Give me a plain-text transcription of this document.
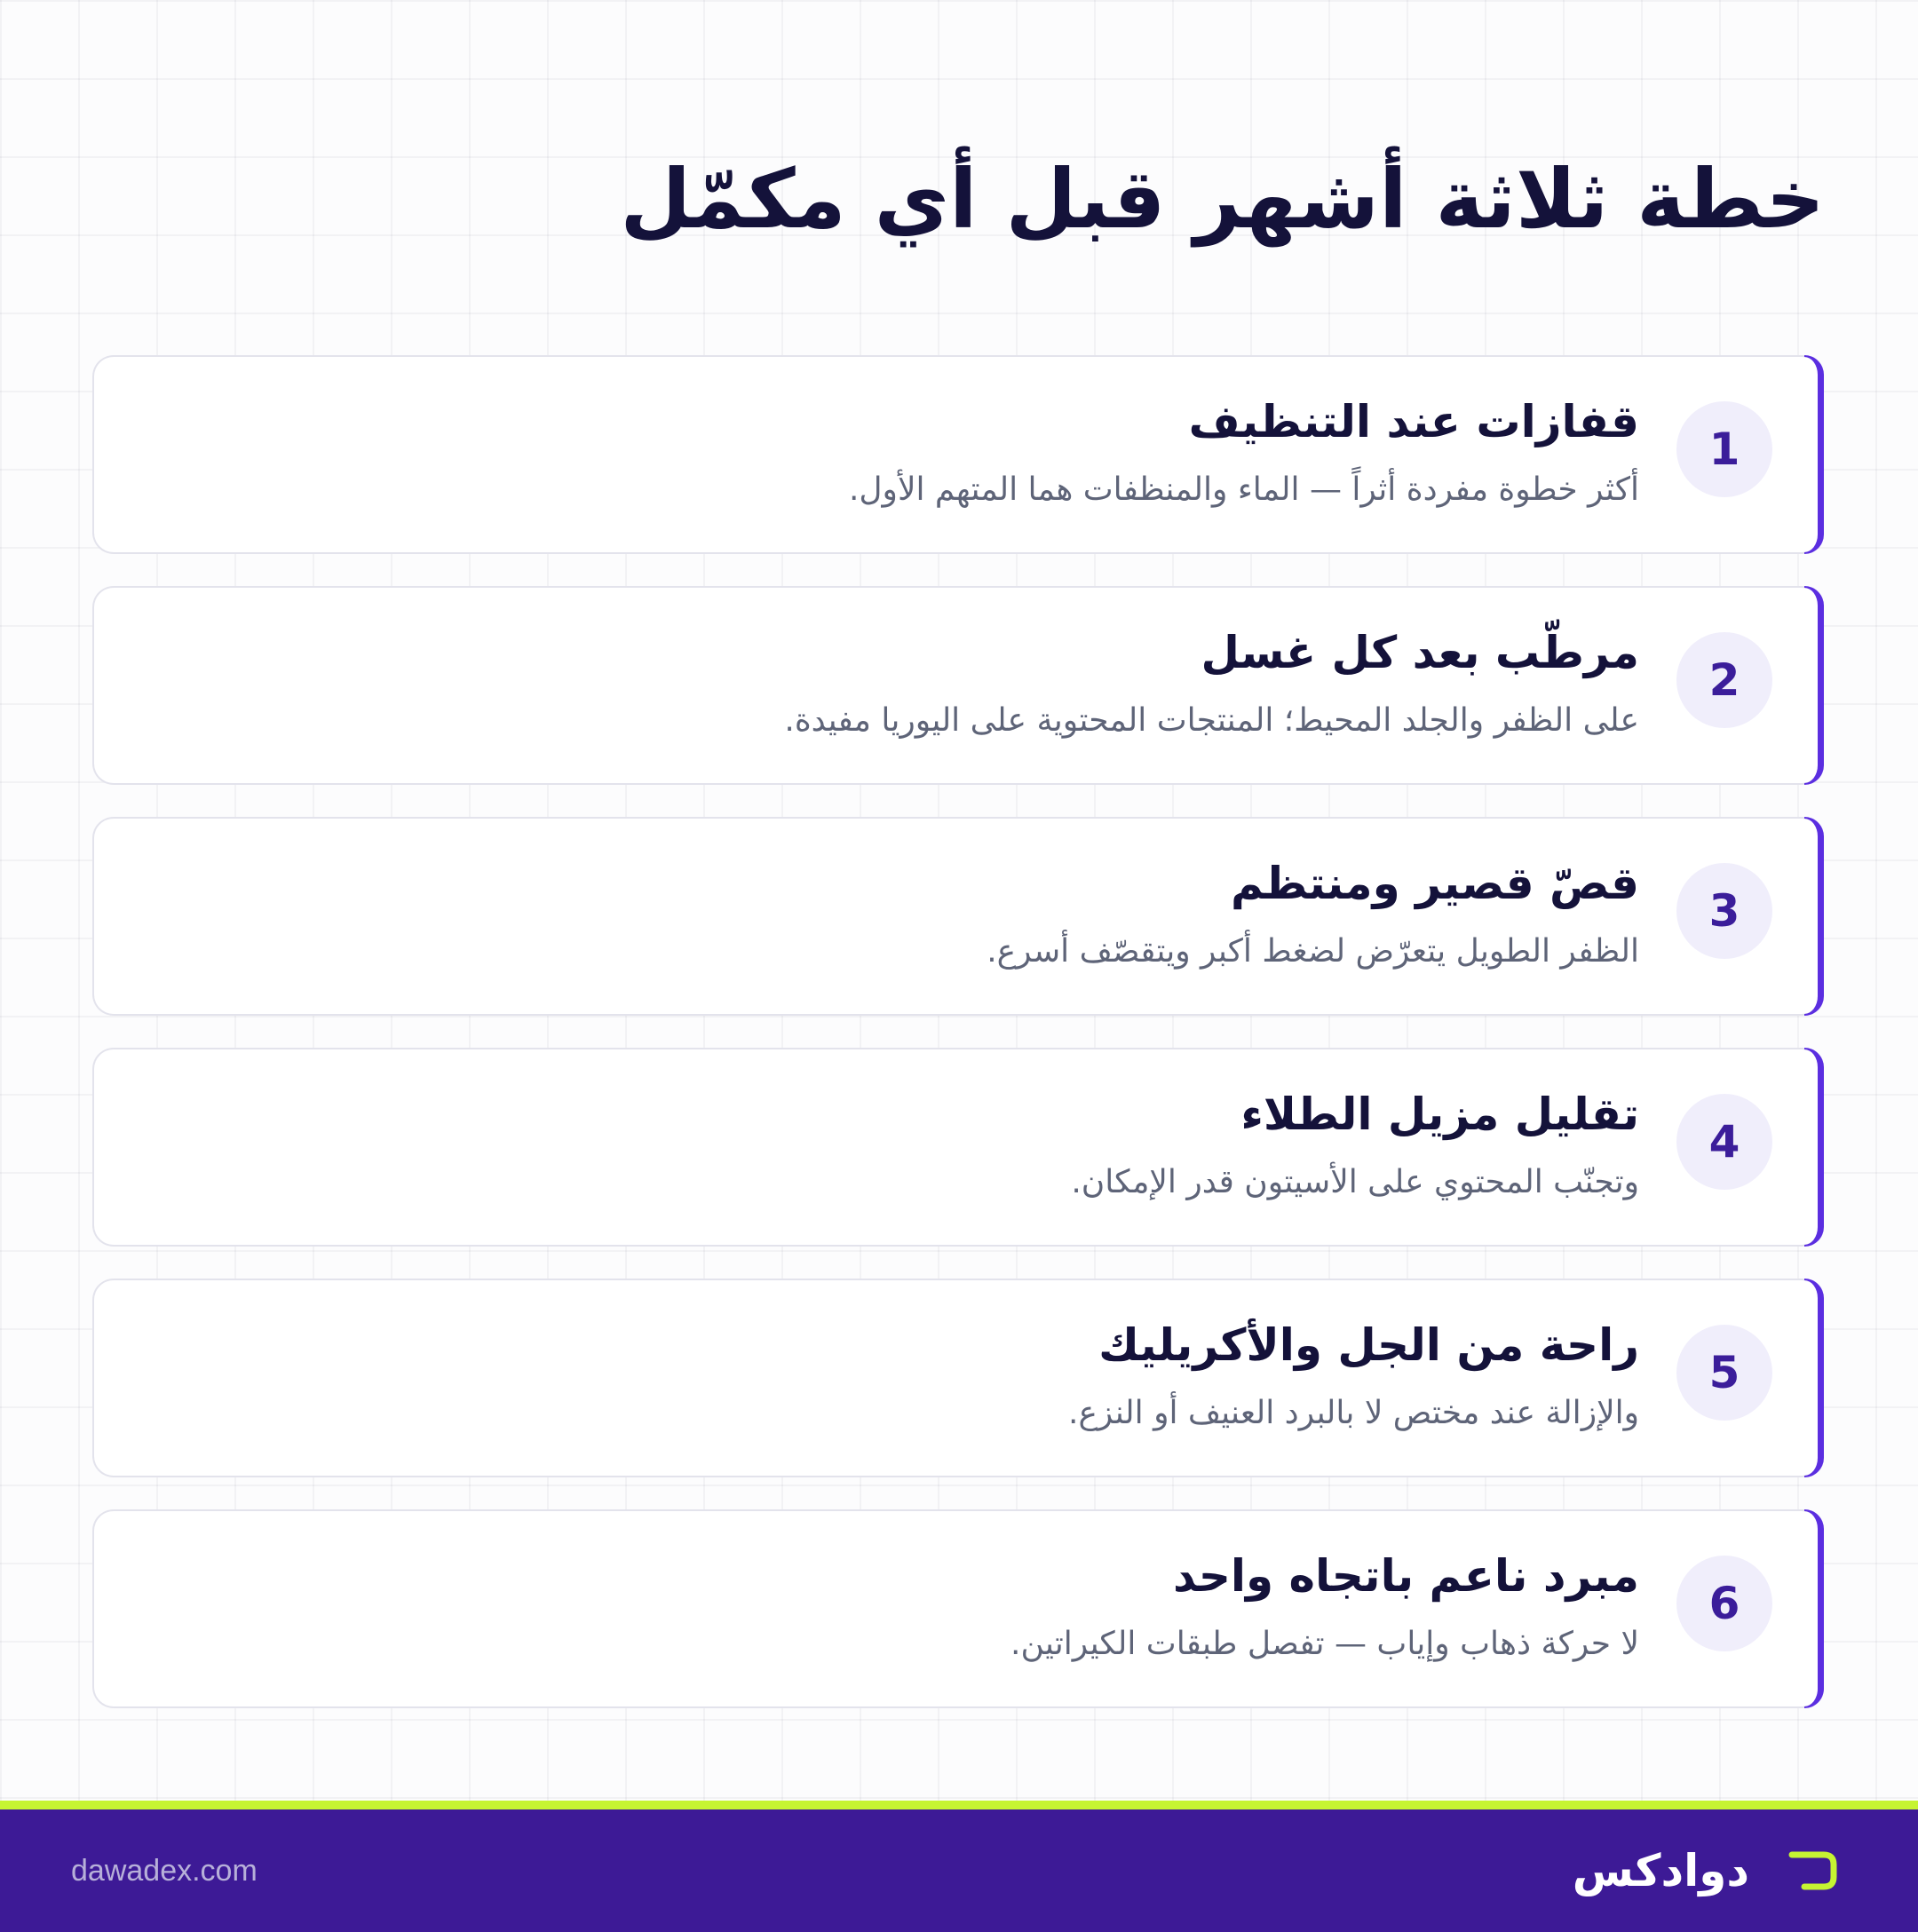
خطة ثلاثة أشهر قبل أي مكمّل
1
قفازات عند التنظيف
أكثر خطوة مفردة أثراً — الماء والمنظفات هما المتهم الأول.
2
مرطّب بعد كل غسل
على الظفر والجلد المحيط؛ المنتجات المحتوية على اليوريا مفيدة.
3
قصّ قصير ومنتظم
الظفر الطويل يتعرّض لضغط أكبر ويتقصّف أسرع.
4
تقليل مزيل الطلاء
وتجنّب المحتوي على الأسيتون قدر الإمكان.
5
راحة من الجل والأكريليك
والإزالة عند مختص لا بالبرد العنيف أو النزع.
6
مبرد ناعم باتجاه واحد
لا حركة ذهاب وإياب — تفصل طبقات الكيراتين.
dawadex.com	دوادكس
